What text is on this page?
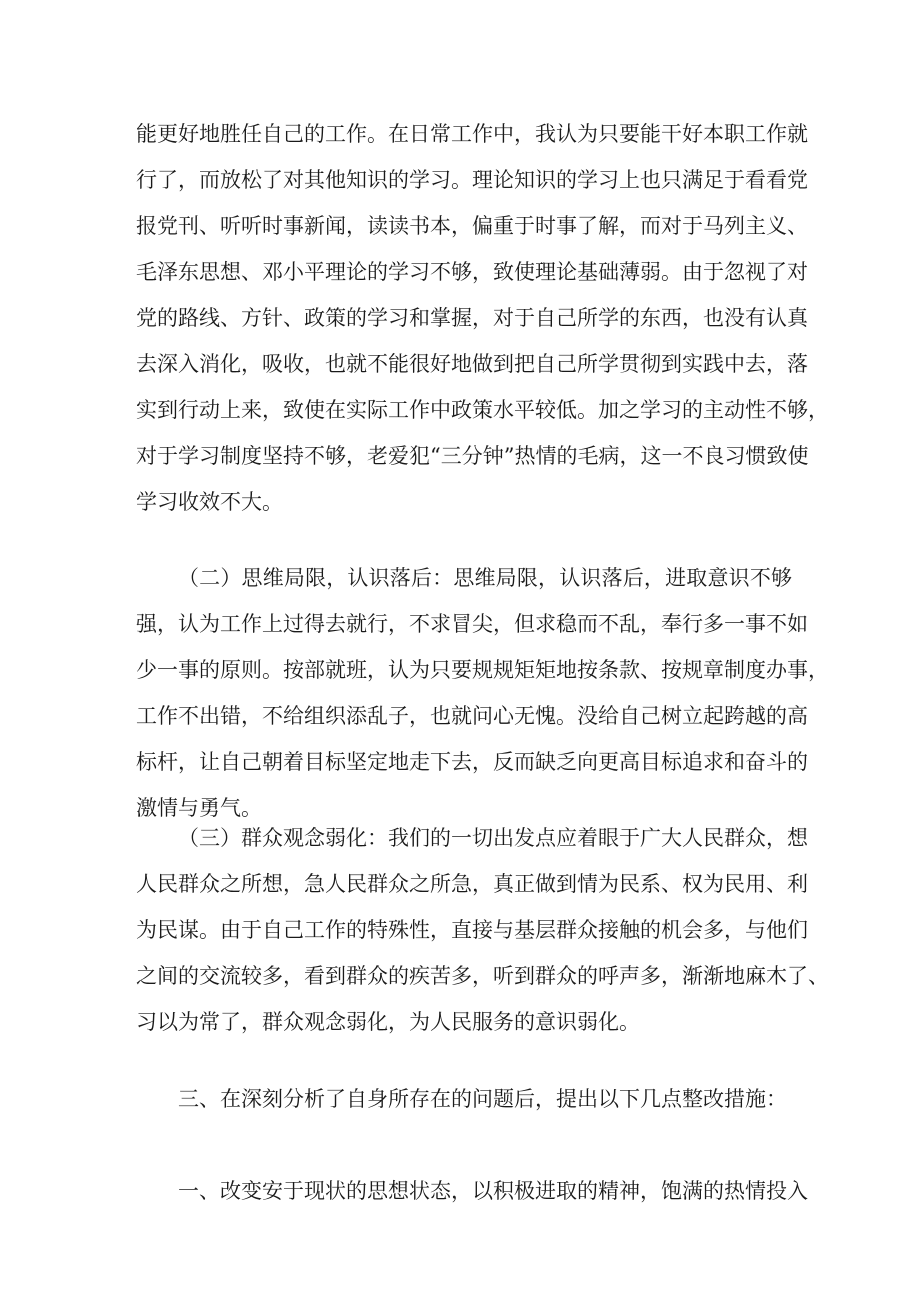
能更好地胜任自己的工作。在日常工作中，我认为只要能干好本职工作就
行了，而放松了对其他知识的学习。理论知识的学习上也只满足于看看党
报党刊、听听时事新闻，读读书本，偏重于时事了解，而对于马列主义、
毛泽东思想、邓小平理论的学习不够，致使理论基础薄弱。由于忽视了对
党的路线、方针、政策的学习和掌握，对于自己所学的东西，也没有认真
去深入消化，吸收，也就不能很好地做到把自己所学贯彻到实践中去，落
实到行动上来，致使在实际工作中政策水平较低。加之学习的主动性不够，
对于学习制度坚持不够，老爱犯“三分钟”热情的毛病，这一不良习惯致使
学习收效不大。
（二）思维局限，认识落后：思维局限，认识落后，进取意识不够
强，认为工作上过得去就行，不求冒尖，但求稳而不乱，奉行多一事不如
少一事的原则。按部就班，认为只要规规矩矩地按条款、按规章制度办事，
工作不出错，不给组织添乱子，也就问心无愧。没给自己树立起跨越的高
标杆，让自己朝着目标坚定地走下去，反而缺乏向更高目标追求和奋斗的
激情与勇气。
（三）群众观念弱化：我们的一切出发点应着眼于广大人民群众，想
人民群众之所想，急人民群众之所急，真正做到情为民系、权为民用、利
为民谋。由于自己工作的特殊性，直接与基层群众接触的机会多，与他们
之间的交流较多，看到群众的疾苦多，听到群众的呼声多，渐渐地麻木了、
习以为常了，群众观念弱化，为人民服务的意识弱化。
三、在深刻分析了自身所存在的问题后，提出以下几点整改措施：
一、改变安于现状的思想状态，以积极进取的精神，饱满的热情投入
